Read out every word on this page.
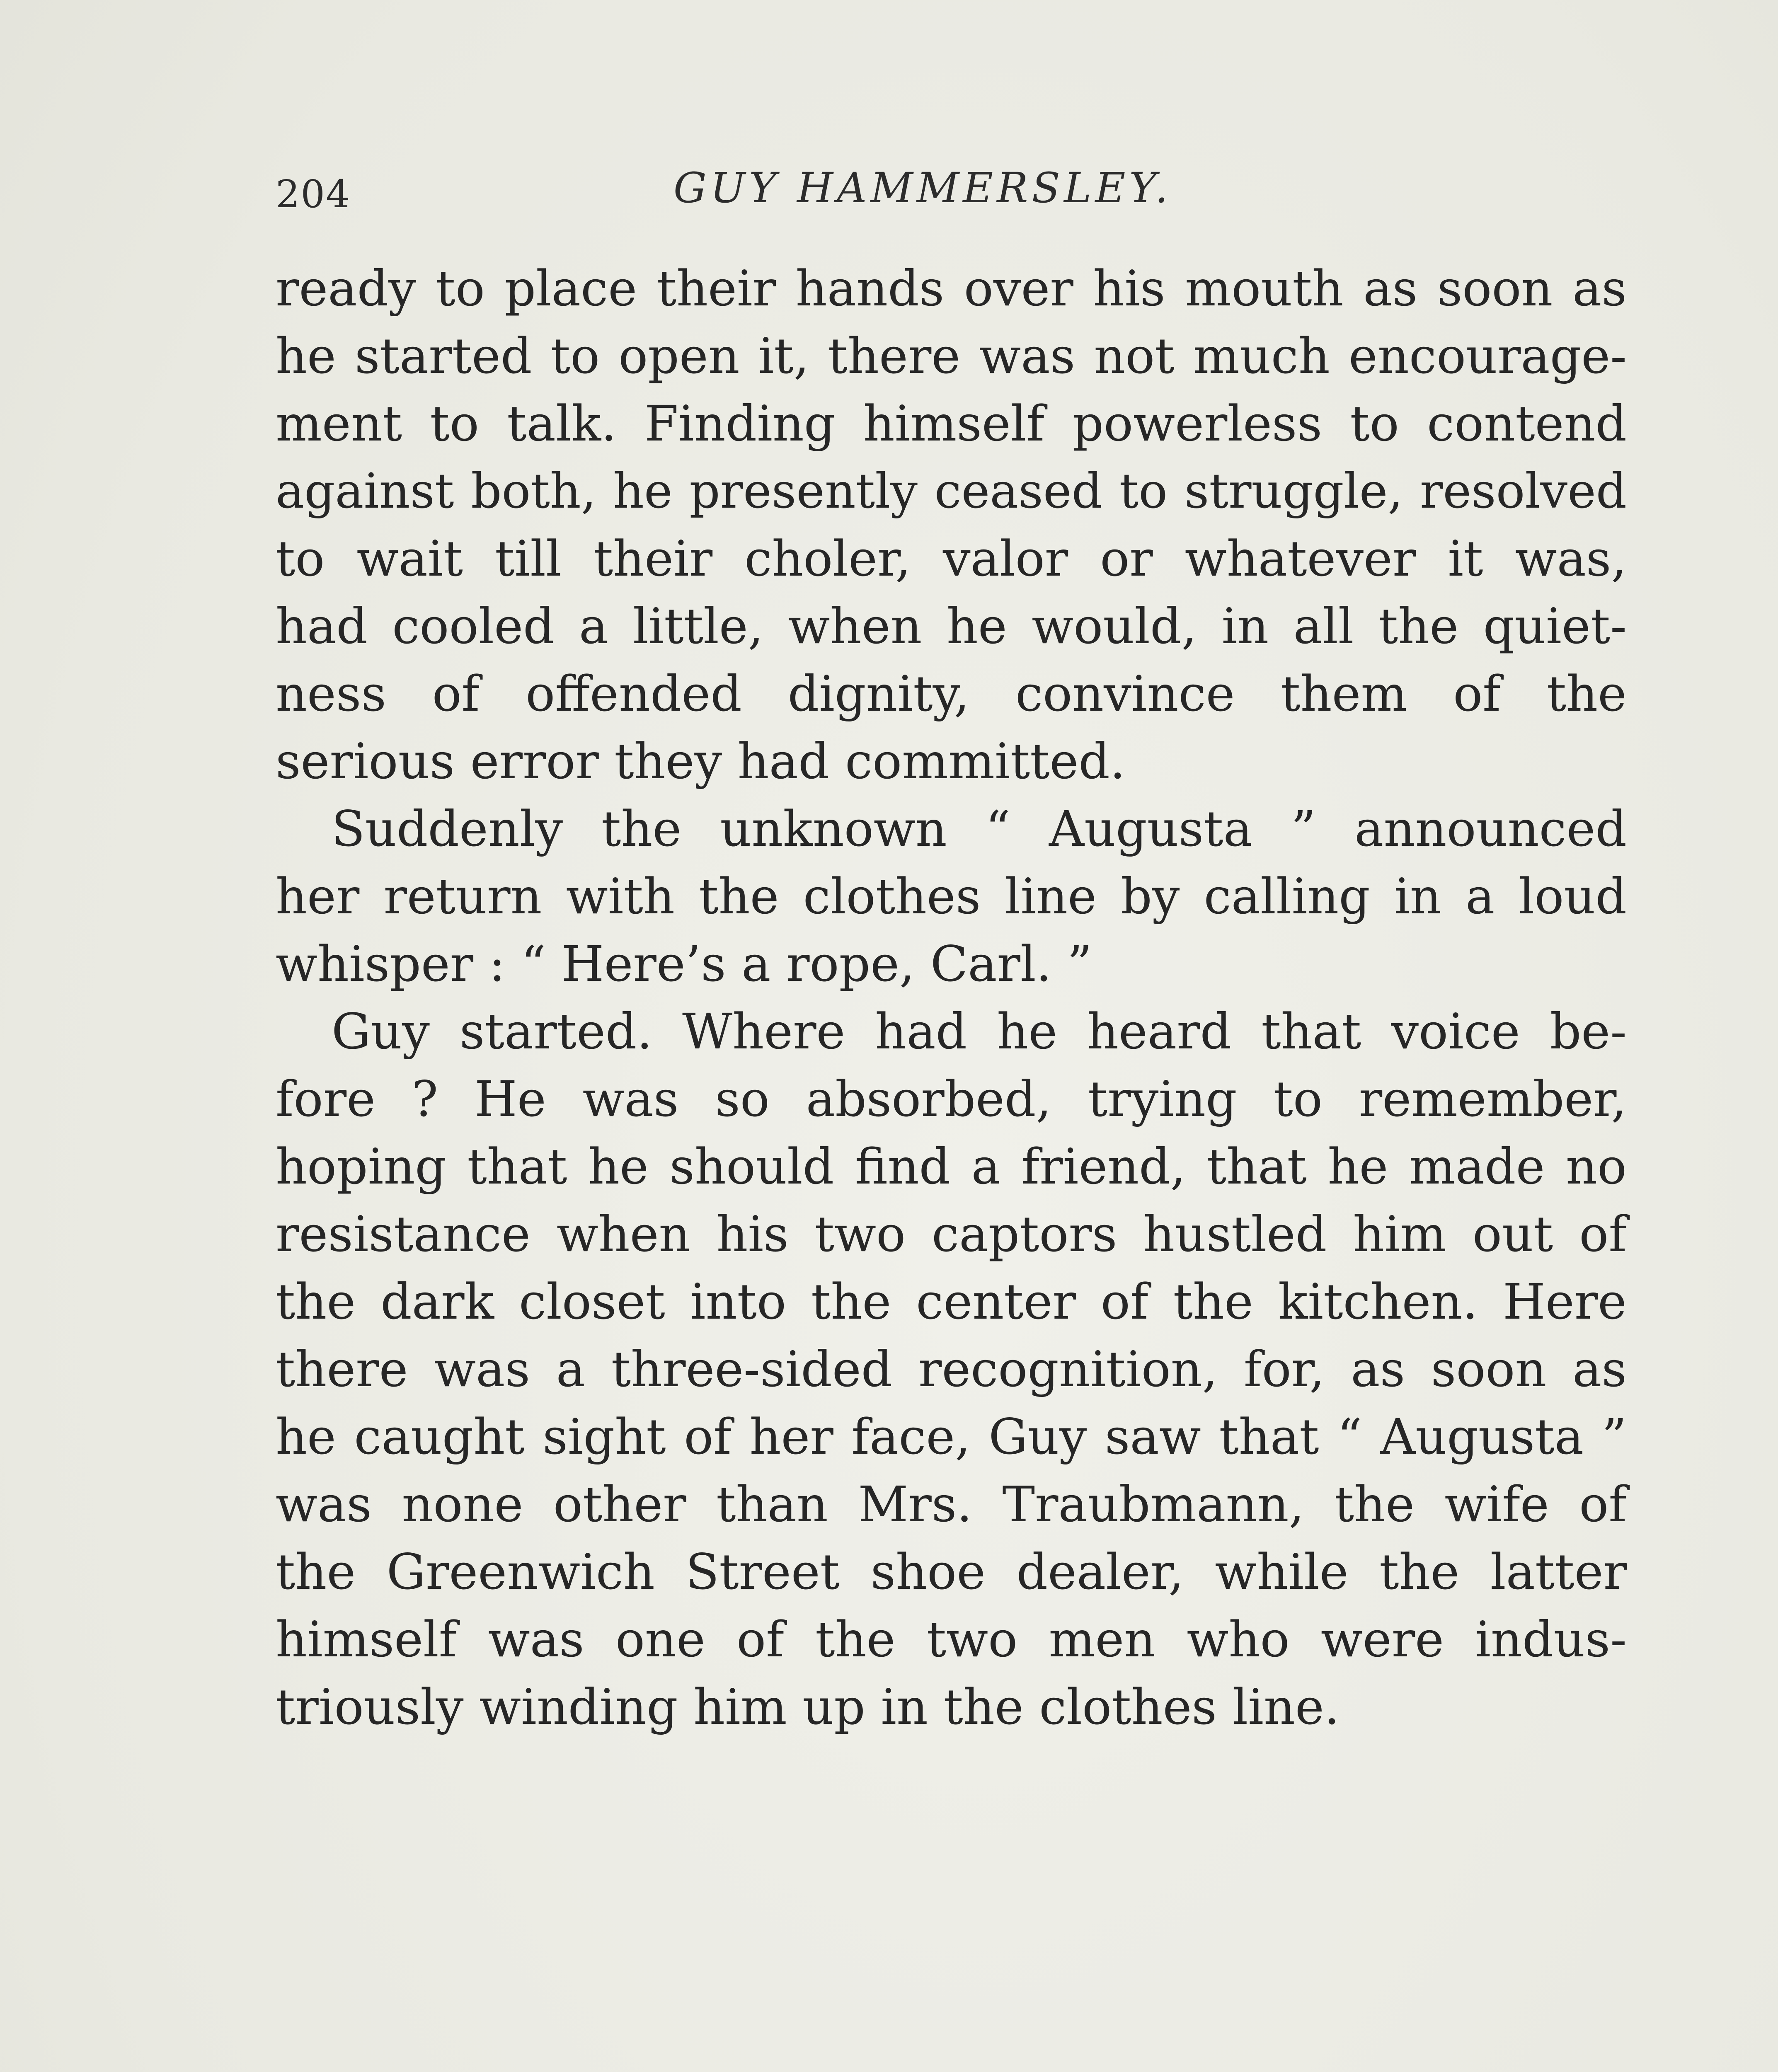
204	GUY HAMMERSLEY.
ready to place their hands over his mouth as soon as
he started to open it, there was not much encourage-
ment to talk. Finding himself powerless to contend
against both, he presently ceased to struggle, resolved
to wait till their choler, valor or whatever it was,
had cooled a little, when he would, in all the quiet-
ness of offended dignity, convince them of the
serious error they had committed.
Suddenly the unknown “ Augusta ” announced
her return with the clothes line by calling in a loud
whisper : “ Here’s a rope, Carl. ”
Guy started. Where had he heard that voice be-
fore ? He was so absorbed, trying to remember,
hoping that he should find a friend, that he made no
resistance when his two captors hustled him out of
the dark closet into the center of the kitchen. Here
there was a three-sided recognition, for, as soon as
he caught sight of her face, Guy saw that “ Augusta ”
was none other than Mrs. Traubmann, the wife of
the Greenwich Street shoe dealer, while the latter
himself was one of the two men who were indus-
triously winding him up in the clothes line.
